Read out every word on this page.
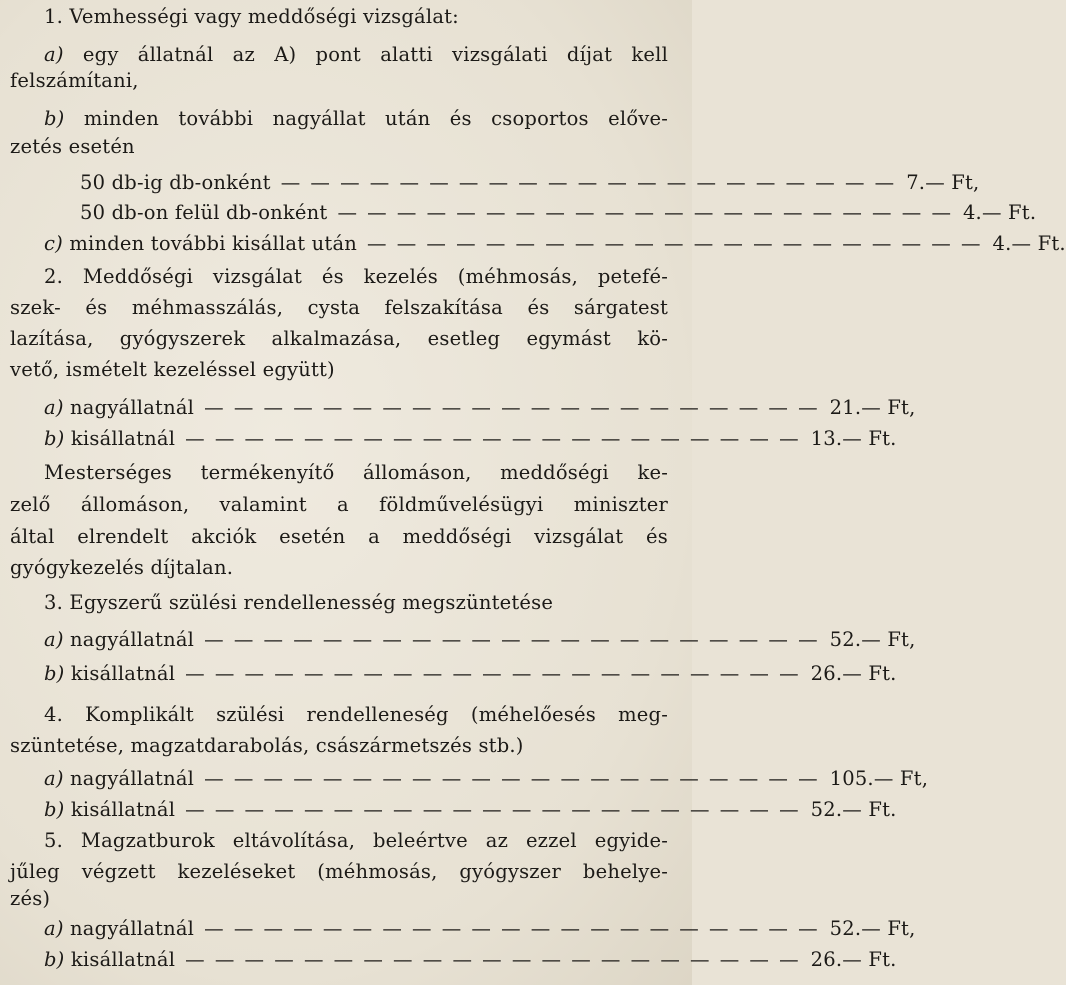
1. Vemhességi vagy meddőségi vizsgálat:
a) egy állatnál az A) pont alatti vizsgálati díjat kell
felszámítani,
b) minden további nagyállat után és csoportos elővе-
zetés esetén
50 db-ig db-onként — — — — — — — — — — — — — — — — — — — — — 7.— Ft,
50 db-on felül db-onként — — — — — — — — — — — — — — — — — — — — — 4.— Ft.
c) minden további kisállat után — — — — — — — — — — — — — — — — — — — — — 4.— Ft.
2. Meddőségi vizsgálat és kezelés (méhmosás, petefé-
szek- és méhmasszálás, cysta felszakítása és sárgatest
lazítása, gyógyszerek alkalmazása, esetleg egymást kö-
vető, ismételt kezeléssel együtt)
a) nagyállatnál — — — — — — — — — — — — — — — — — — — — — 21.— Ft,
b) kisállatnál — — — — — — — — — — — — — — — — — — — — — 13.— Ft.
Mesterséges termékenyítő állomáson, meddőségi ke-
zelő állomáson, valamint a földművelésügyi miniszter
által elrendelt akciók esetén a meddőségi vizsgálat és
gyógykezelés díjtalan.
3. Egyszerű szülési rendellenesség megszüntetése
a) nagyállatnál — — — — — — — — — — — — — — — — — — — — — 52.— Ft,
b) kisállatnál — — — — — — — — — — — — — — — — — — — — — 26.— Ft.
4. Komplikált szülési rendelleneség (méhelőesés meg-
szüntetése, magzatdarabolás, császármetszés stb.)
a) nagyállatnál — — — — — — — — — — — — — — — — — — — — — 105.— Ft,
b) kisállatnál — — — — — — — — — — — — — — — — — — — — — 52.— Ft.
5. Magzatburok eltávolítása, beleértve az ezzel egyide-
jűleg végzett kezeléseket (méhmosás, gyógyszer behelye-
zés)
a) nagyállatnál — — — — — — — — — — — — — — — — — — — — — 52.— Ft,
b) kisállatnál — — — — — — — — — — — — — — — — — — — — — 26.— Ft.
